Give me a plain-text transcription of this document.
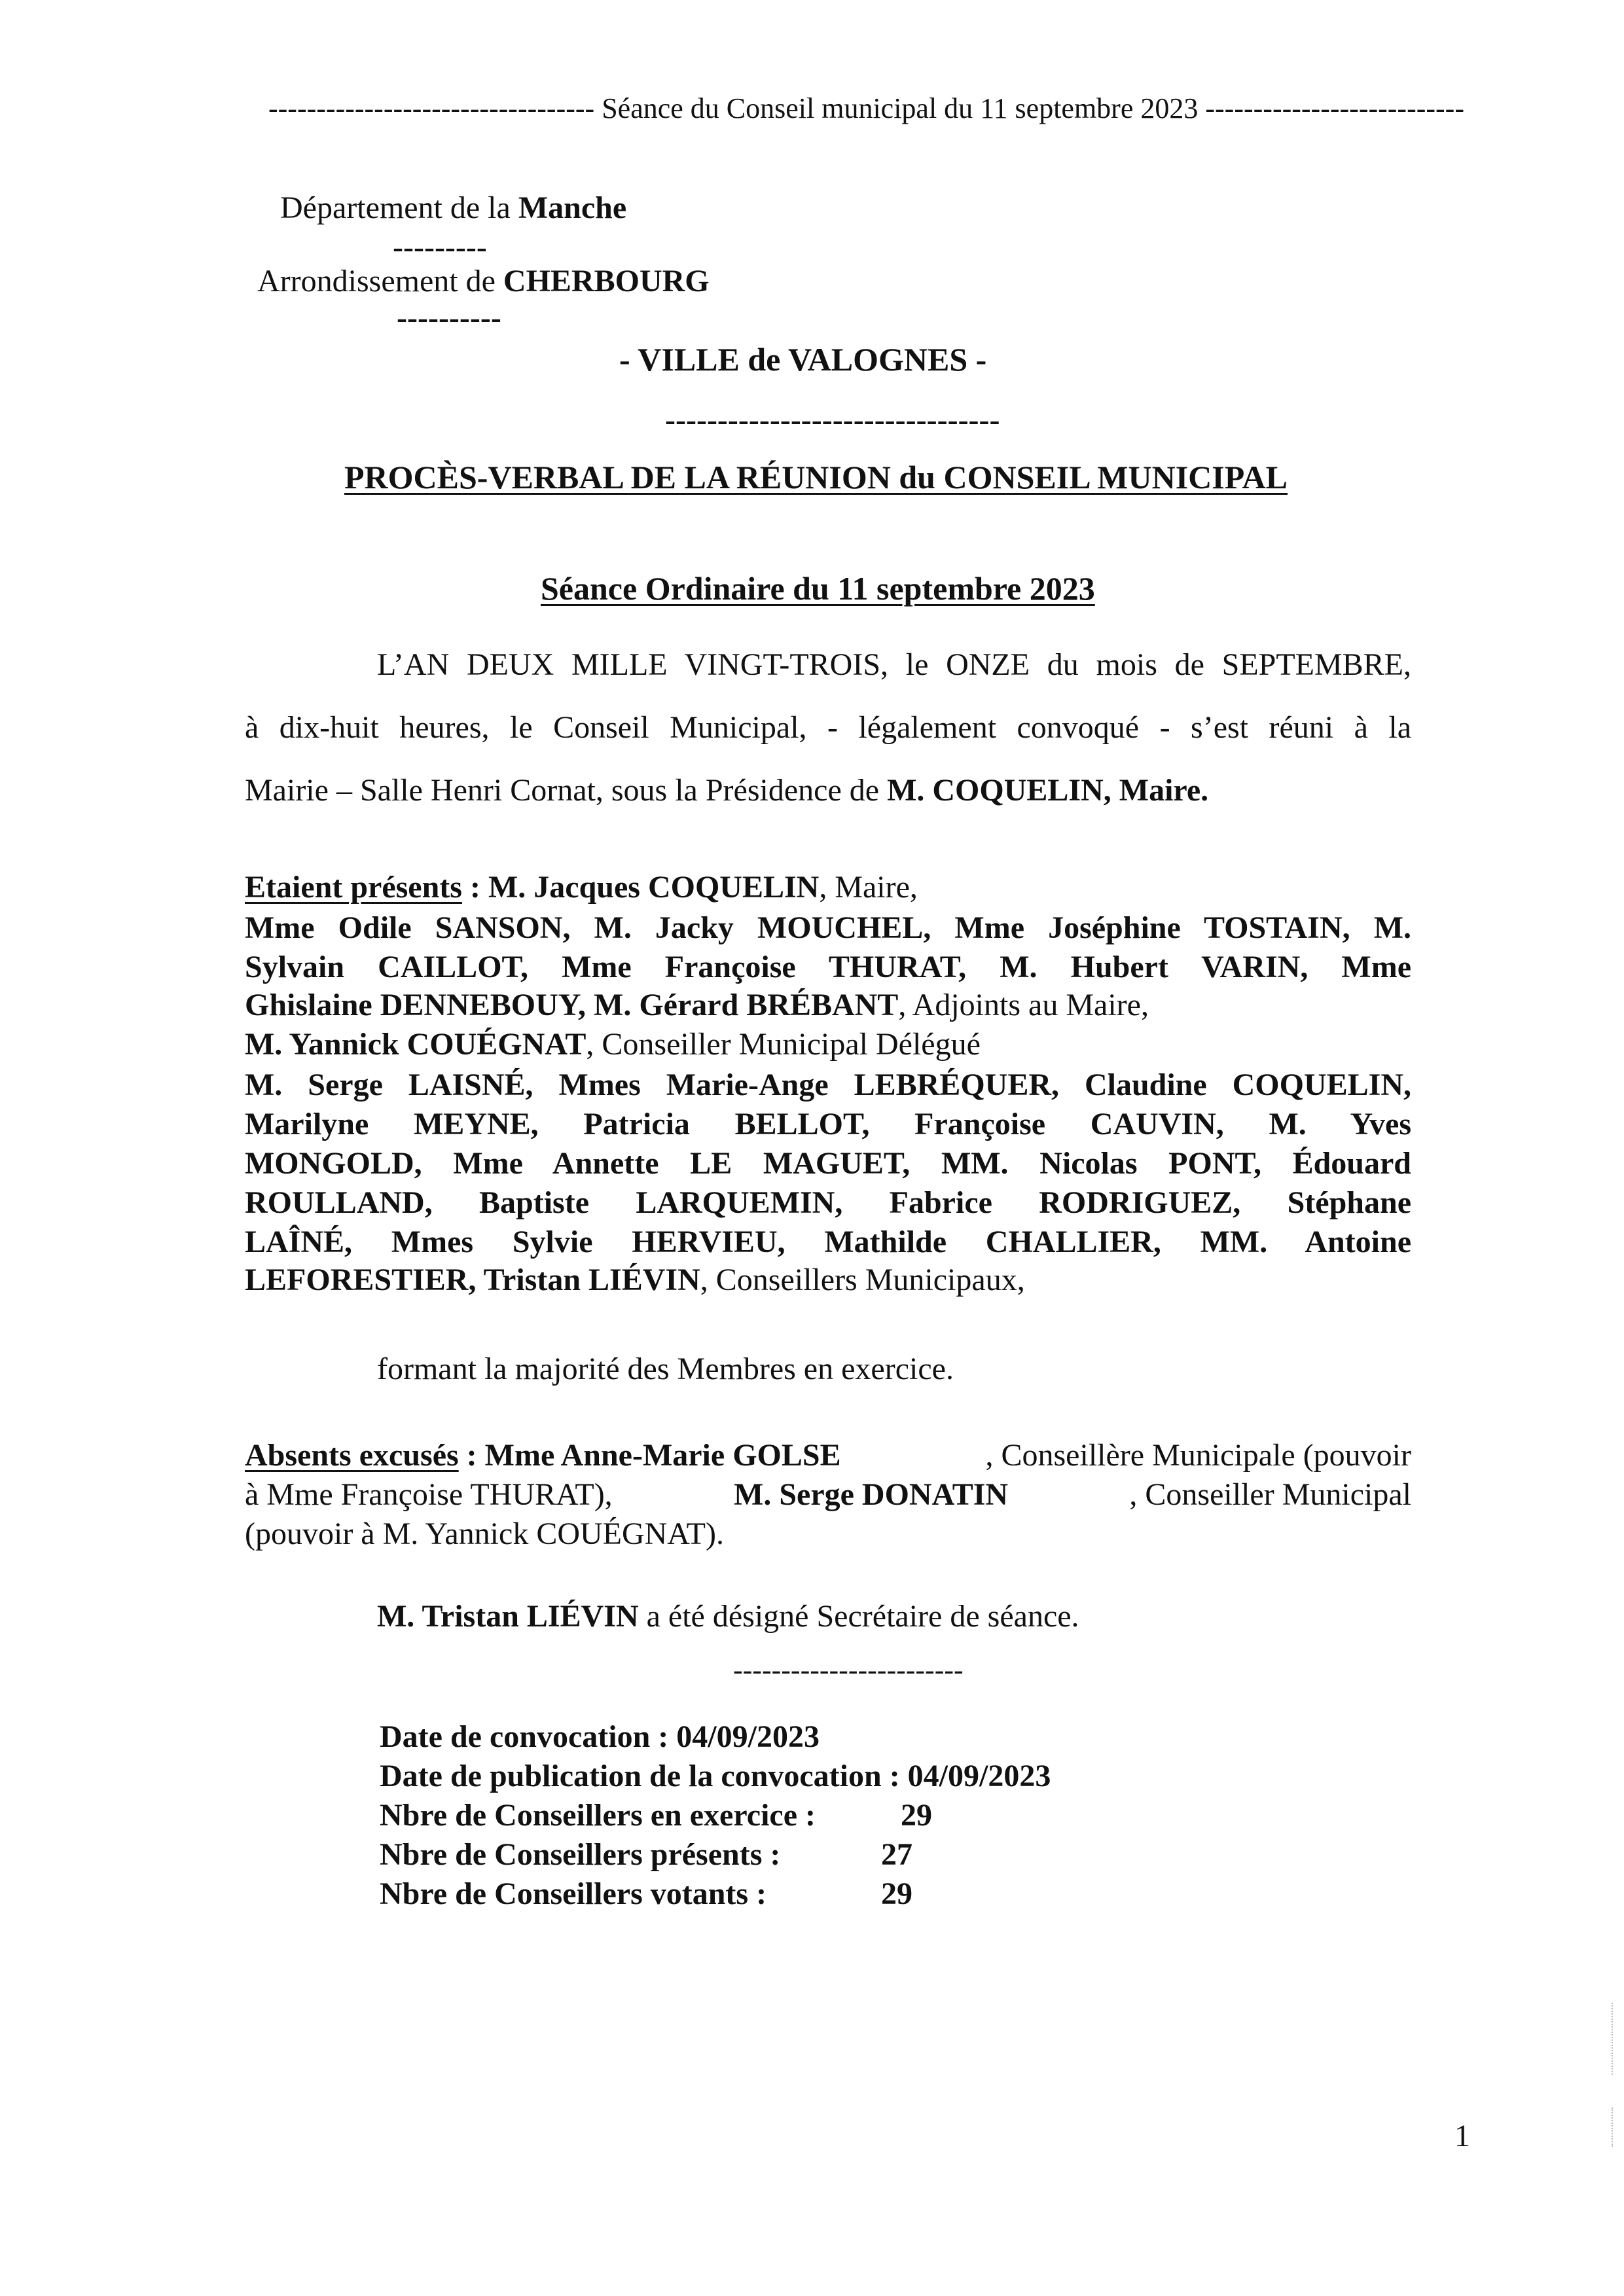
---------------------------------- Séance du Conseil municipal du 11 septembre 2023 ---------------------------

Département de la Manche

---------

Arrondissement de CHERBOURG

----------

- VILLE de VALOGNES -

--------------------------------

PROCÈS-VERBAL DE LA RÉUNION du CONSEIL MUNICIPAL

Séance Ordinaire du 11 septembre 2023

L’AN DEUX MILLE VINGT-TROIS, le ONZE du mois de SEPTEMBRE,

à dix-huit heures, le Conseil Municipal, - légalement convoqué - s’est réuni à la

Mairie – Salle Henri Cornat, sous la Présidence de M. COQUELIN, Maire.

Etaient présents : M. Jacques COQUELIN, Maire,

Mme Odile SANSON, M. Jacky MOUCHEL, Mme Joséphine TOSTAIN, M.

Sylvain CAILLOT, Mme Françoise THURAT, M. Hubert VARIN, Mme

Ghislaine DENNEBOUY, M. Gérard BRÉBANT, Adjoints au Maire,

M. Yannick COUÉGNAT, Conseiller Municipal Délégué

M. Serge LAISNÉ, Mmes Marie-Ange LEBRÉQUER, Claudine COQUELIN,

Marilyne MEYNE, Patricia BELLOT, Françoise CAUVIN, M. Yves

MONGOLD, Mme Annette LE MAGUET, MM. Nicolas PONT, Édouard

ROULLAND, Baptiste LARQUEMIN, Fabrice RODRIGUEZ, Stéphane

LAÎNÉ, Mmes Sylvie HERVIEU, Mathilde CHALLIER, MM. Antoine

LEFORESTIER, Tristan LIÉVIN, Conseillers Municipaux,

formant la majorité des Membres en exercice.

Absents excusés : Mme Anne-Marie GOLSE	, Conseillère Municipale (pouvoir

à Mme Françoise THURAT),	M. Serge DONATIN	, Conseiller Municipal

(pouvoir à M. Yannick COUÉGNAT).

M. Tristan LIÉVIN a été désigné Secrétaire de séance.

------------------------

Date de convocation : 04/09/2023
Date de publication de la convocation : 04/09/2023
Nbre de Conseillers en exercice :	29
Nbre de Conseillers présents :	27
Nbre de Conseillers votants :	29

1
